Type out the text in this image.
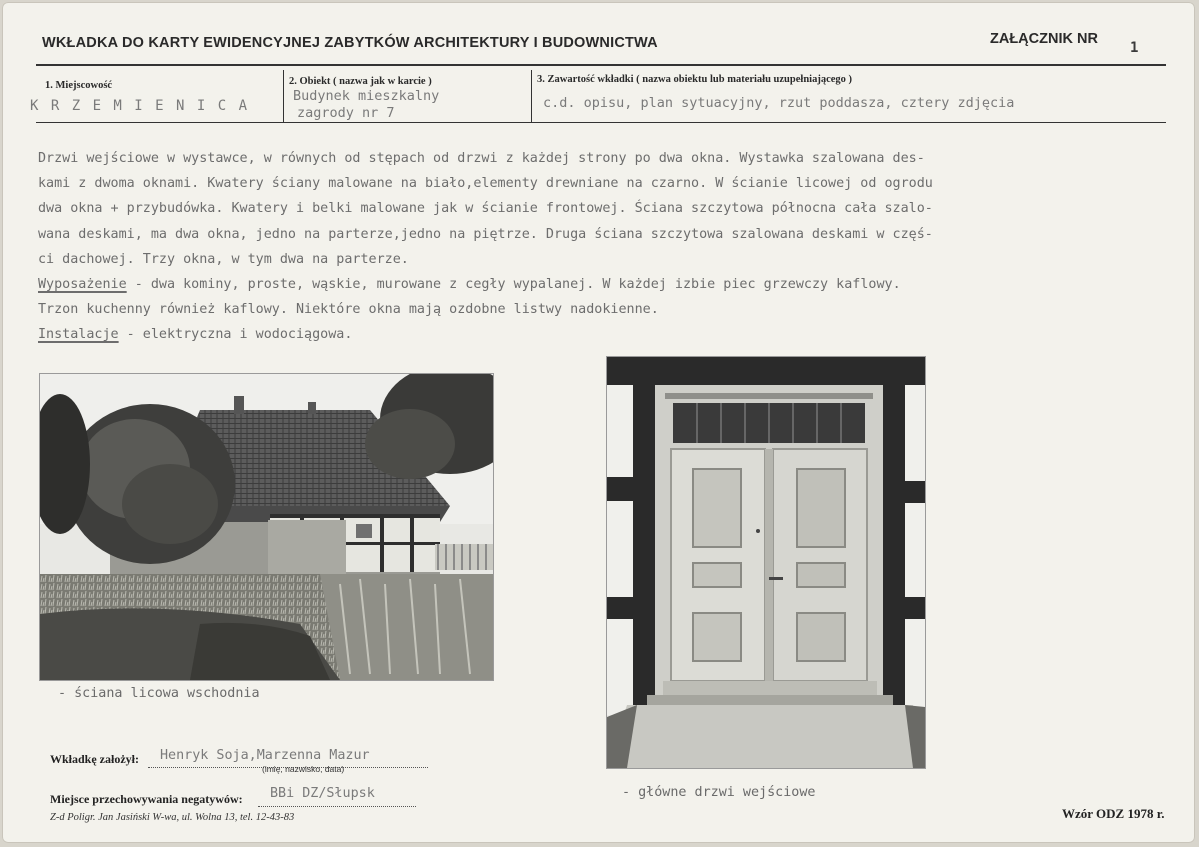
WKŁADKA DO KARTY EWIDENCYJNEJ ZABYTKÓW ARCHITEKTURY I BUDOWNICTWA	ZAŁĄCZNIK NR
1
1. Miejscowość
K R Z E M I E N I C A
2. Obiekt ( nazwa jak w karcie )
Budynek mieszkalny
zagrody nr 7
3. Zawartość wkładki ( nazwa obiektu lub materiału uzupełniającego )
c.d. opisu, plan sytuacyjny, rzut poddasza, cztery zdjęcia

Drzwi wejściowe w wystawce, w równych od stępach od drzwi z każdej strony po dwa okna. Wystawka szalowana des-

kami z dwoma oknami. Kwatery ściany malowane na biało,elementy drewniane na czarno. W ścianie licowej od ogrodu

dwa okna + przybudówka. Kwatery i belki malowane jak w ścianie frontowej. Ściana szczytowa północna cała szalo-

wana deskami, ma dwa okna, jedno na parterze,jedno na piętrze. Druga ściana szczytowa szalowana deskami w częś-

ci dachowej. Trzy okna, w tym dwa na parterze.

Wyposażenie - dwa kominy, proste, wąskie, murowane z cegły wypalanej. W każdej izbie piec grzewczy kaflowy.

Trzon kuchenny również kaflowy. Niektóre okna mają ozdobne listwy nadokienne.

Instalacje - elektryczna i wodociągowa.

- ściana licowa wschodnia
- główne drzwi wejściowe
Wkładkę założył: Henryk Soja,Marzenna Mazur
(imię, nazwisko, data)
Miejsce przechowywania negatywów: BBi DZ/Słupsk
Z-d Poligr. Jan Jasiński W-wa, ul. Wolna 13, tel. 12-43-83	Wzór ODZ 1978 r.
